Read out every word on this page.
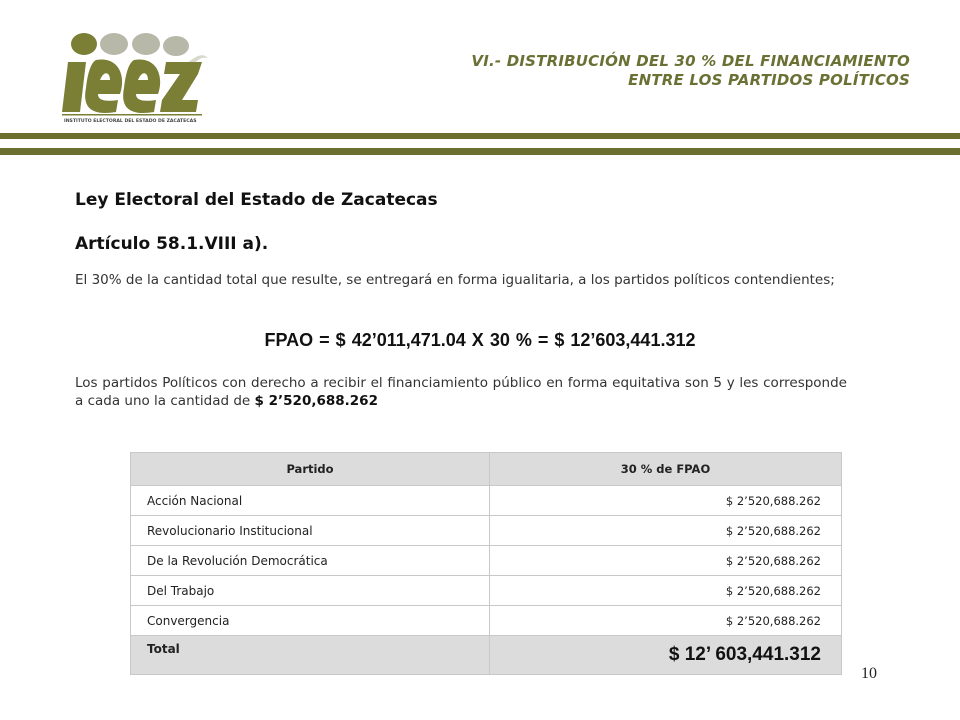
INSTITUTO ELECTORAL DEL ESTADO DE ZACATECAS
VI.- DISTRIBUCIÓN DEL 30 % DEL FINANCIAMIENTO
ENTRE LOS PARTIDOS POLÍTICOS
Ley Electoral del Estado de Zacatecas
Artículo 58.1.VIII a).
El 30% de la cantidad total que resulte, se entregará en forma igualitaria, a los partidos políticos contendientes;
FPAO = $ 42’011,471.04 X 30 % = $ 12’603,441.312
Los partidos Políticos con derecho a recibir el financiamiento público en forma equitativa son 5 y les corresponde a cada uno la cantidad de $ 2’520,688.262
Partido	30 % de FPAO
Acción Nacional	$ 2’520,688.262
Revolucionario Institucional	$ 2’520,688.262
De la Revolución Democrática	$ 2’520,688.262
Del Trabajo	$ 2’520,688.262
Convergencia	$ 2’520,688.262
Total	$ 12’ 603,441.312
10
